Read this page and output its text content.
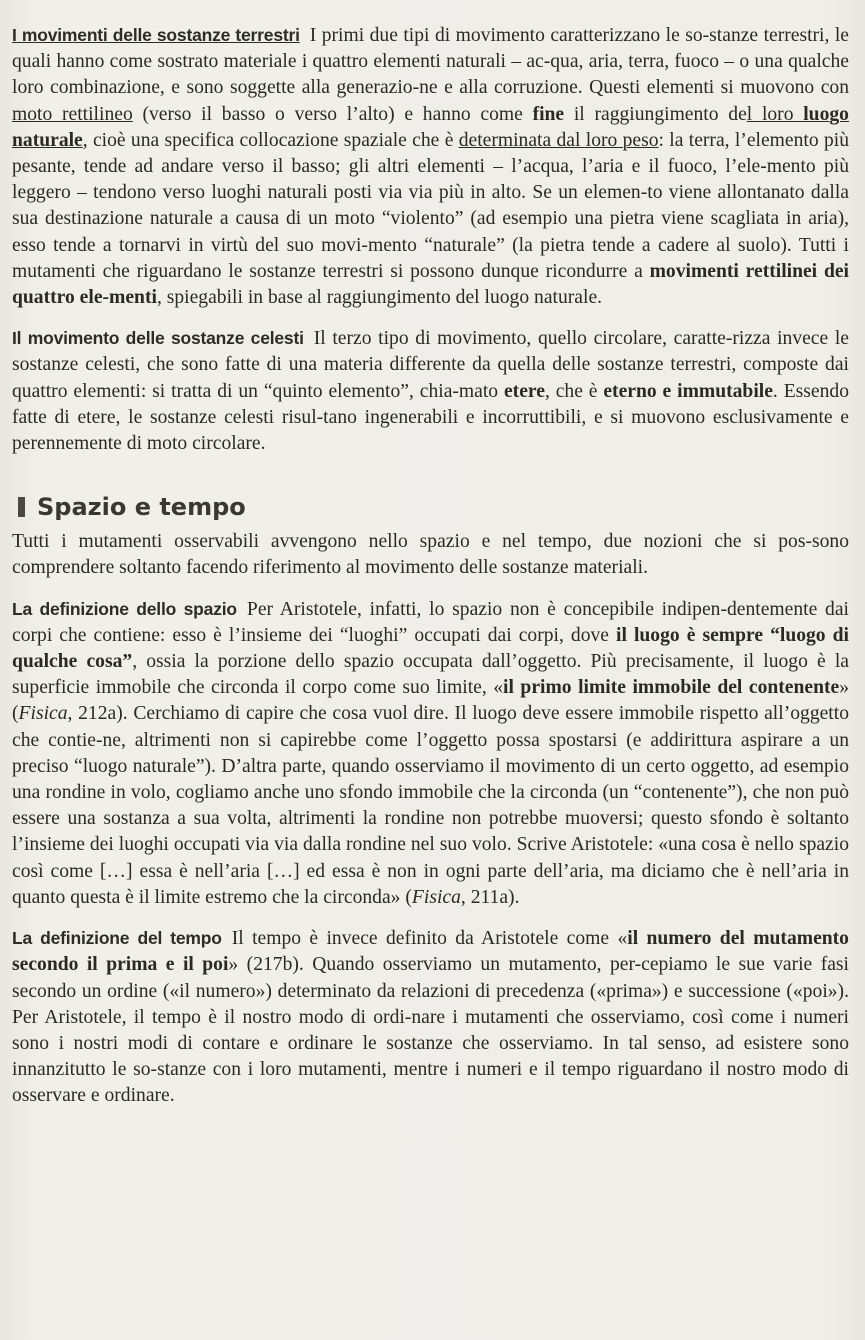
I movimenti delle sostanze terrestri I primi due tipi di movimento caratterizzano le so-stanze terrestri, le quali hanno come sostrato materiale i quattro elementi naturali – ac-qua, aria, terra, fuoco – o una qualche loro combinazione, e sono soggette alla generazio-ne e alla corruzione. Questi elementi si muovono con moto rettilineo (verso il basso o verso l’alto) e hanno come fine il raggiungimento del loro luogo naturale, cioè una specifica collocazione spaziale che è determinata dal loro peso: la terra, l’elemento più pesante, tende ad andare verso il basso; gli altri elementi – l’acqua, l’aria e il fuoco, l’ele-mento più leggero – tendono verso luoghi naturali posti via via più in alto. Se un elemen-to viene allontanato dalla sua destinazione naturale a causa di un moto “violento” (ad esempio una pietra viene scagliata in aria), esso tende a tornarvi in virtù del suo movi-mento “naturale” (la pietra tende a cadere al suolo). Tutti i mutamenti che riguardano le sostanze terrestri si possono dunque ricondurre a movimenti rettilinei dei quattro ele-menti, spiegabili in base al raggiungimento del luogo naturale.

Il movimento delle sostanze celesti Il terzo tipo di movimento, quello circolare, caratte-rizza invece le sostanze celesti, che sono fatte di una materia differente da quella delle sostanze terrestri, composte dai quattro elementi: si tratta di un “quinto elemento”, chia-mato etere, che è eterno e immutabile. Essendo fatte di etere, le sostanze celesti risul-tano ingenerabili e incorruttibili, e si muovono esclusivamente e perennemente di moto circolare.

Spazio e tempo

Tutti i mutamenti osservabili avvengono nello spazio e nel tempo, due nozioni che si pos-sono comprendere soltanto facendo riferimento al movimento delle sostanze materiali.

La definizione dello spazio Per Aristotele, infatti, lo spazio non è concepibile indipen-dentemente dai corpi che contiene: esso è l’insieme dei “luoghi” occupati dai corpi, dove il luogo è sempre “luogo di qualche cosa”, ossia la porzione dello spazio occupata dall’oggetto. Più precisamente, il luogo è la superficie immobile che circonda il corpo come suo limite, «il primo limite immobile del contenente» (Fisica, 212a). Cerchiamo di capire che cosa vuol dire. Il luogo deve essere immobile rispetto all’oggetto che contie-ne, altrimenti non si capirebbe come l’oggetto possa spostarsi (e addirittura aspirare a un preciso “luogo naturale”). D’altra parte, quando osserviamo il movimento di un certo oggetto, ad esempio una rondine in volo, cogliamo anche uno sfondo immobile che la circonda (un “contenente”), che non può essere una sostanza a sua volta, altrimenti la rondine non potrebbe muoversi; questo sfondo è soltanto l’insieme dei luoghi occupati via via dalla rondine nel suo volo. Scrive Aristotele: «una cosa è nello spazio così come […] essa è nell’aria […] ed essa è non in ogni parte dell’aria, ma diciamo che è nell’aria in quanto questa è il limite estremo che la circonda» (Fisica, 211a).

La definizione del tempo Il tempo è invece definito da Aristotele come «il numero del mutamento secondo il prima e il poi» (217b). Quando osserviamo un mutamento, per-cepiamo le sue varie fasi secondo un ordine («il numero») determinato da relazioni di precedenza («prima») e successione («poi»). Per Aristotele, il tempo è il nostro modo di ordi-nare i mutamenti che osserviamo, così come i numeri sono i nostri modi di contare e ordinare le sostanze che osserviamo. In tal senso, ad esistere sono innanzitutto le so-stanze con i loro mutamenti, mentre i numeri e il tempo riguardano il nostro modo di osservare e ordinare.
